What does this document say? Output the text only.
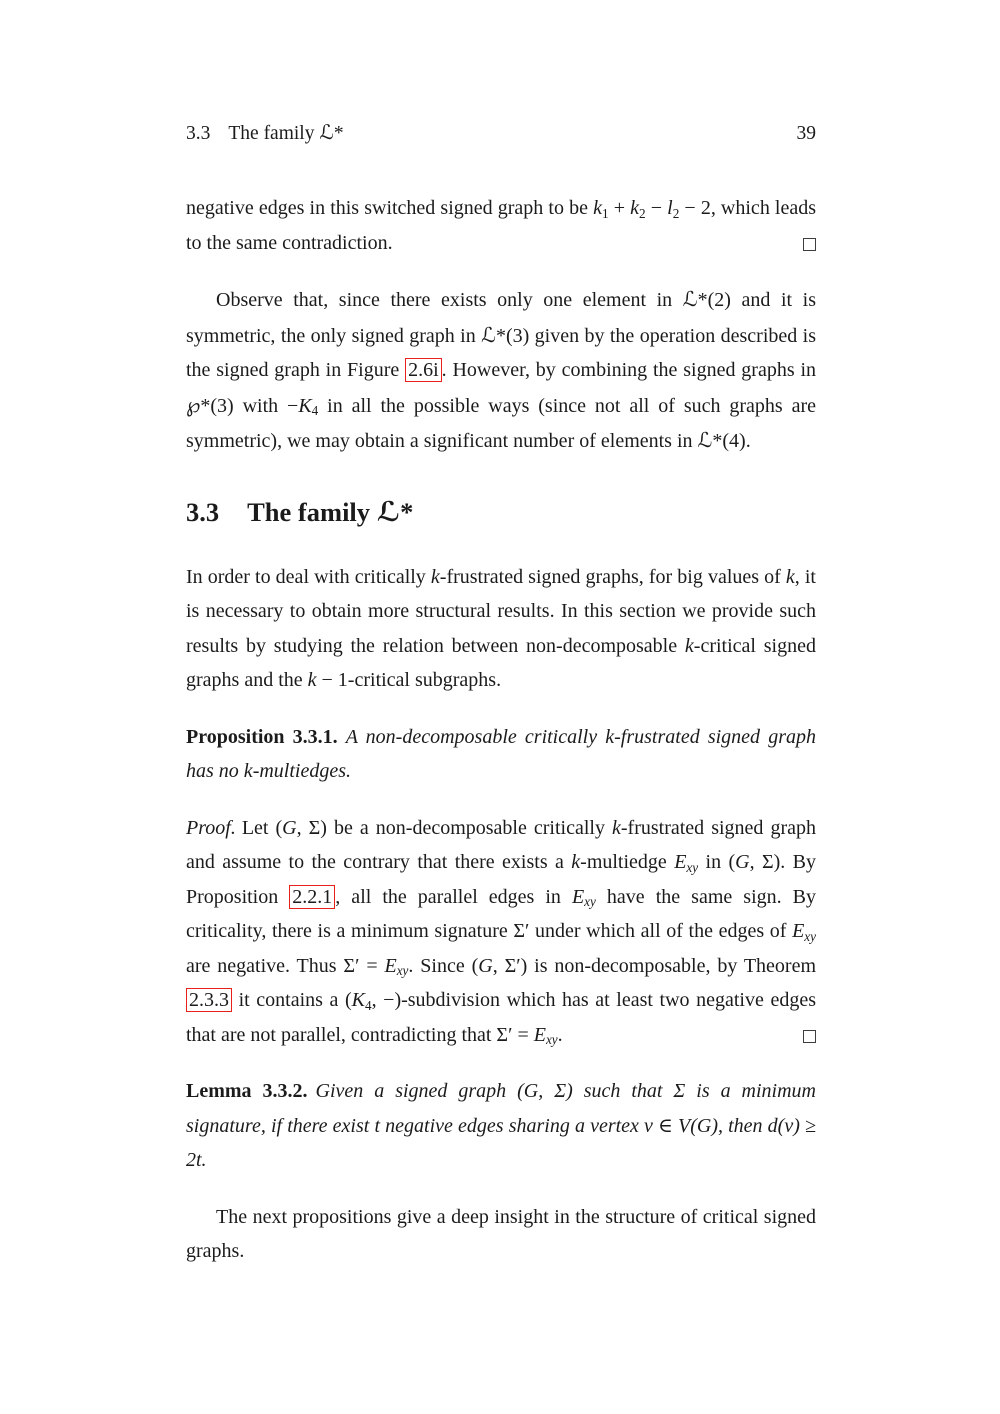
3.3 The family ℒ*	39

negative edges in this switched signed graph to be $k_1 + k_2 - l_2 - 2$, which leads to the same contradiction.

Observe that, since there exists only one element in ℒ*(2) and it is symmetric, the only signed graph in ℒ*(3) given by the operation described is the signed graph in Figure 2.6i . However, by combining the signed graphs in ℘*(3) with $-K_4$ in all the possible ways (since not all of such graphs are symmetric), we may obtain a significant number of elements in ℒ*(4).

3.3 The family ℒ*

In order to deal with critically k-frustrated signed graphs, for big values of k, it is necessary to obtain more structural results. In this section we provide such results by studying the relation between non-decomposable k-critical signed graphs and the k − 1-critical subgraphs.

Proposition 3.3.1. A non-decomposable critically k-frustrated signed graph has no k-multiedges.

Proof. Let (G, Σ) be a non-decomposable critically k-frustrated signed graph and assume to the contrary that there exists a k-multiedge $E_{xy}$ in (G, Σ). By Proposition 2.2.1 , all the parallel edges in $E_{xy}$ have the same sign. By criticality, there is a minimum signature Σ′ under which all of the edges of $E_{xy}$ are negative. Thus $\Sigma' = E_{xy}$. Since (G, Σ′) is non-decomposable, by Theorem 2.3.3 it contains a ($K_4$, −)-subdivision which has at least two negative edges that are not parallel, contradicting that $\Sigma' = E_{xy}$.

Lemma 3.3.2. Given a signed graph (G, Σ) such that Σ is a minimum signature, if there exist t negative edges sharing a vertex v ∈ V(G), then d(v) ≥ 2t.

The next propositions give a deep insight in the structure of critical signed graphs.
